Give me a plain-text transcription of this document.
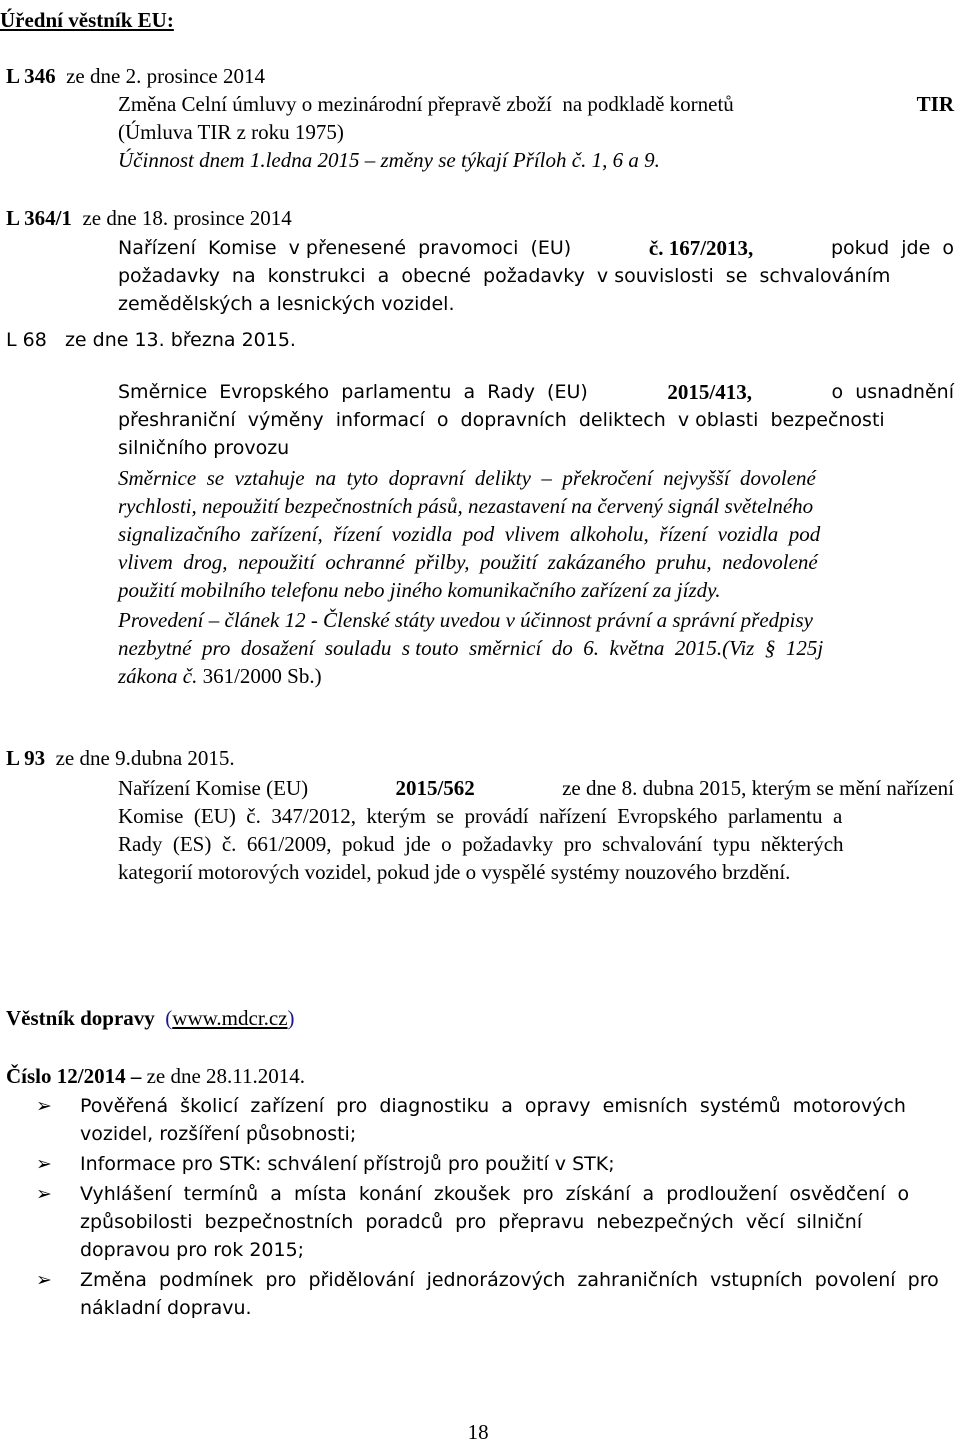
Úřední věstník EU:
L 346 ze dne 2. prosince 2014
Změna Celní úmluvy o mezinárodní přepravě zboží  na podkladě kornetů	TIR
(Úmluva TIR z roku 1975)
Účinnost dnem 1.ledna 2015 – změny se týkají Příloh č. 1, 6 a 9.
L 364/1 ze dne 18. prosince 2014
Nařízení  Komise  v přenesené  pravomoci  (EU)	č. 167/2013,	pokud  jde  o
požadavky  na  konstrukci  a  obecné  požadavky  v souvislosti  se  schvalováním
zemědělských a lesnických vozidel.
L 68 ze dne 13. března 2015.
Směrnice  Evropského  parlamentu  a  Rady  (EU)	2015/413,	o  usnadnění
přeshraniční  výměny  informací  o  dopravních  deliktech  v oblasti  bezpečnosti
silničního provozu
Směrnice  se  vztahuje  na  tyto  dopravní  delikty  –  překročení  nejvyšší  dovolené
rychlosti, nepoužití bezpečnostních pásů, nezastavení na červený signál světelného
signalizačního  zařízení,  řízení  vozidla  pod  vlivem  alkoholu,  řízení  vozidla  pod
vlivem  drog,  nepoužití  ochranné  přilby,  použití  zakázaného  pruhu,  nedovolené
použití mobilního telefonu nebo jiného komunikačního zařízení za jízdy.
Provedení – článek 12 - Členské státy uvedou v účinnost právní a správní předpisy
nezbytné  pro  dosažení  souladu  s touto  směrnicí  do  6.  května  2015.(Viz  §  125j
zákona č. 361/2000 Sb.)
L 93 ze dne 9.dubna 2015.
Nařízení Komise (EU)	2015/562	ze dne 8. dubna 2015, kterým se mění nařízení
Komise  (EU)  č.  347/2012,  kterým  se  provádí  nařízení  Evropského  parlamentu  a
Rady  (ES)  č.  661/2009,  pokud  jde  o  požadavky  pro  schvalování  typu  některých
kategorií motorových vozidel, pokud jde o vyspělé systémy nouzového brzdění.
Věstník dopravy (www.mdcr.cz)
Číslo 12/2014 – ze dne 28.11.2014.
➢ Pověřená  školicí  zařízení  pro  diagnostiku  a  opravy  emisních  systémů  motorových
vozidel, rozšíření působnosti;
➢ Informace pro STK: schválení přístrojů pro použití v STK;
➢ Vyhlášení  termínů  a  místa  konání  zkoušek  pro  získání  a  prodloužení  osvědčení  o
způsobilosti  bezpečnostních  poradců  pro  přepravu  nebezpečných  věcí  silniční
dopravou pro rok 2015;
➢ Změna  podmínek  pro  přidělování  jednorázových  zahraničních  vstupních  povolení  pro
nákladní dopravu.
18
